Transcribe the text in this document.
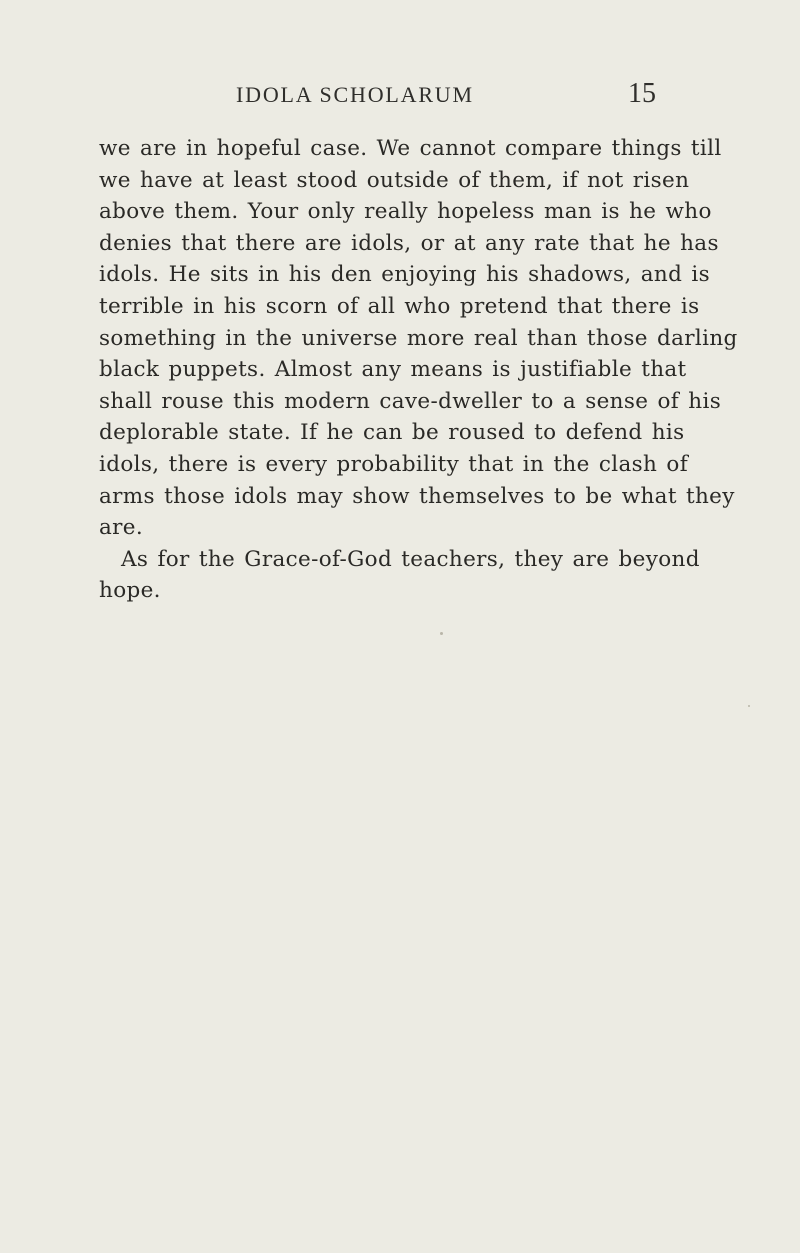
IDOLA SCHOLARUM	15
we are in hopeful case. We cannot compare things till
we have at least stood outside of them, if not risen
above them. Your only really hopeless man is he who
denies that there are idols, or at any rate that he has
idols. He sits in his den enjoying his shadows, and is
terrible in his scorn of all who pretend that there is
something in the universe more real than those darling
black puppets. Almost any means is justifiable that
shall rouse this modern cave-dweller to a sense of his
deplorable state. If he can be roused to defend his
idols, there is every probability that in the clash of
arms those idols may show themselves to be what they
are.
As for the Grace-of-God teachers, they are beyond
hope.
